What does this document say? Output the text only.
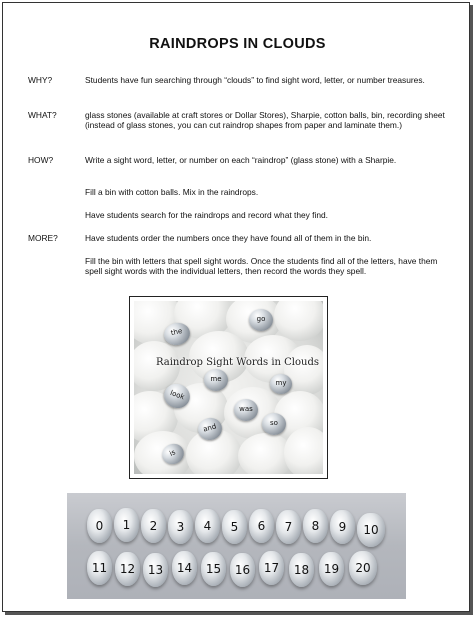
RAINDROPS IN CLOUDS
WHY?	Students have fun searching through “clouds” to find sight word, letter, or number treasures.
WHAT?	glass stones (available at craft stores or Dollar Stores), Sharpie, cotton balls, bin, recording sheet (instead of glass stones, you can cut raindrop shapes from paper and laminate them.)
HOW?	Write a sight word, letter, or number on each “raindrop” (glass stone) with a Sharpie.
Fill a bin with cotton balls. Mix in the raindrops.
Have students search for the raindrops and record what they find.
MORE?	Have students order the numbers once they have found all of them in the bin.
Fill the bin with letters that spell sight words. Once the students find all of the letters, have them spell sight words with the individual letters, then record the words they spell.
the
go
look
me	my
was
so
and
is
Raindrop Sight Words in Clouds
0	1	2	3	4	5	6	7	8	9	10
11	12	13	14	15	16	17	18	19	20
